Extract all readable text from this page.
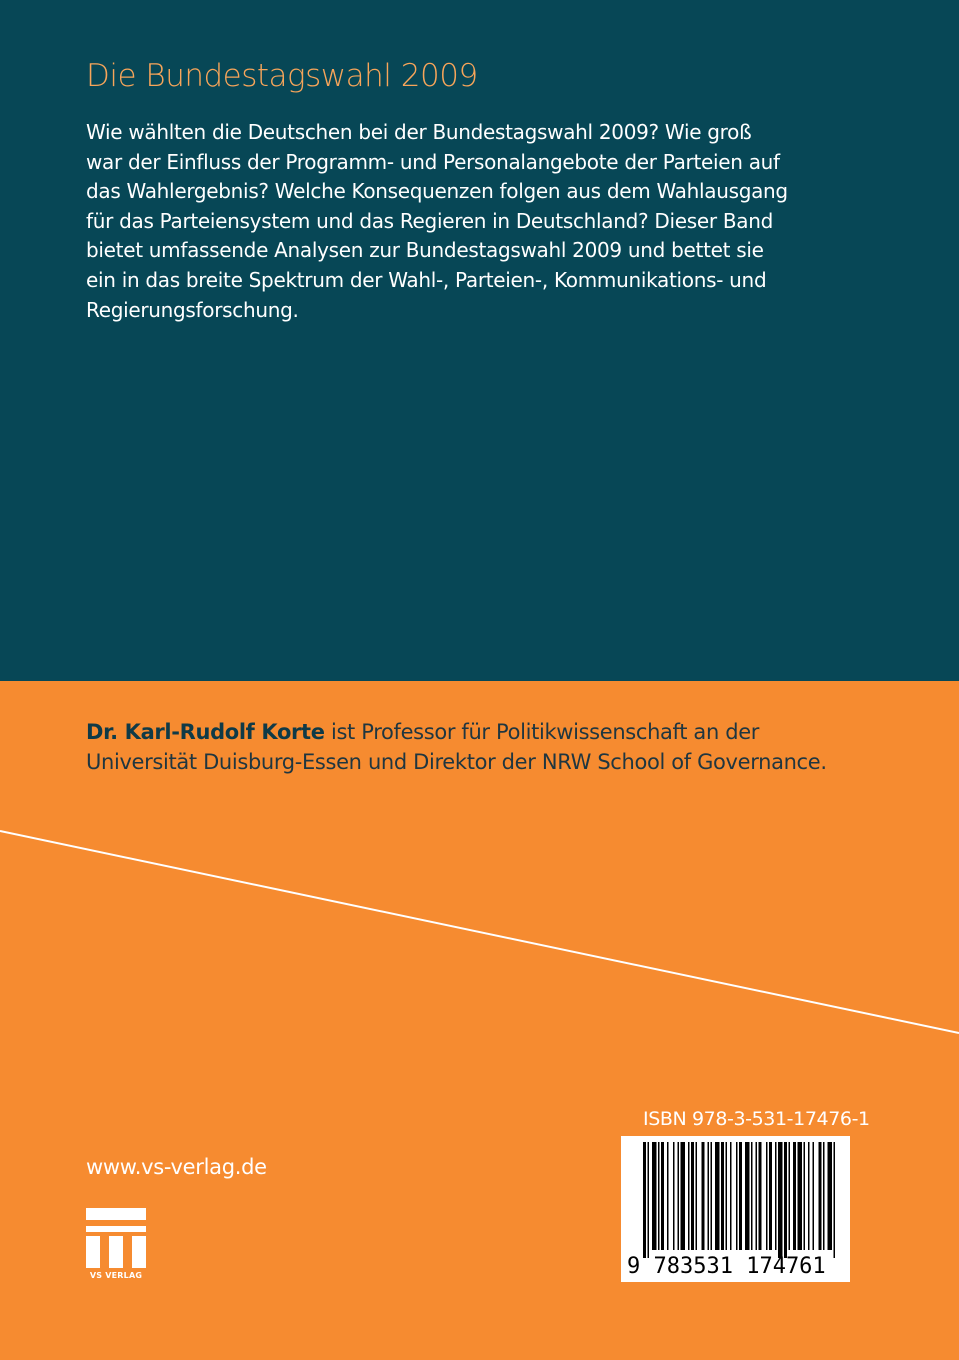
Die Bundestagswahl 2009
Wie wählten die Deutschen bei der Bundestagswahl 2009? Wie groß
war der Einfluss der Programm- und Personalangebote der Parteien auf
das Wahlergebnis? Welche Konsequenzen folgen aus dem Wahlausgang
für das Parteiensystem und das Regieren in Deutschland? Dieser Band
bietet umfassende Analysen zur Bundestagswahl 2009 und bettet sie
ein in das breite Spektrum der Wahl-, Parteien-, Kommunikations- und
Regierungsforschung.
Dr. Karl-Rudolf Korte ist Professor für Politikwissenschaft an der
Universität Duisburg-Essen und Direktor der NRW School of Governance.
ISBN 978-3-531-17476-1
9 783531 174761
www.vs-verlag.de
VS VERLAG
